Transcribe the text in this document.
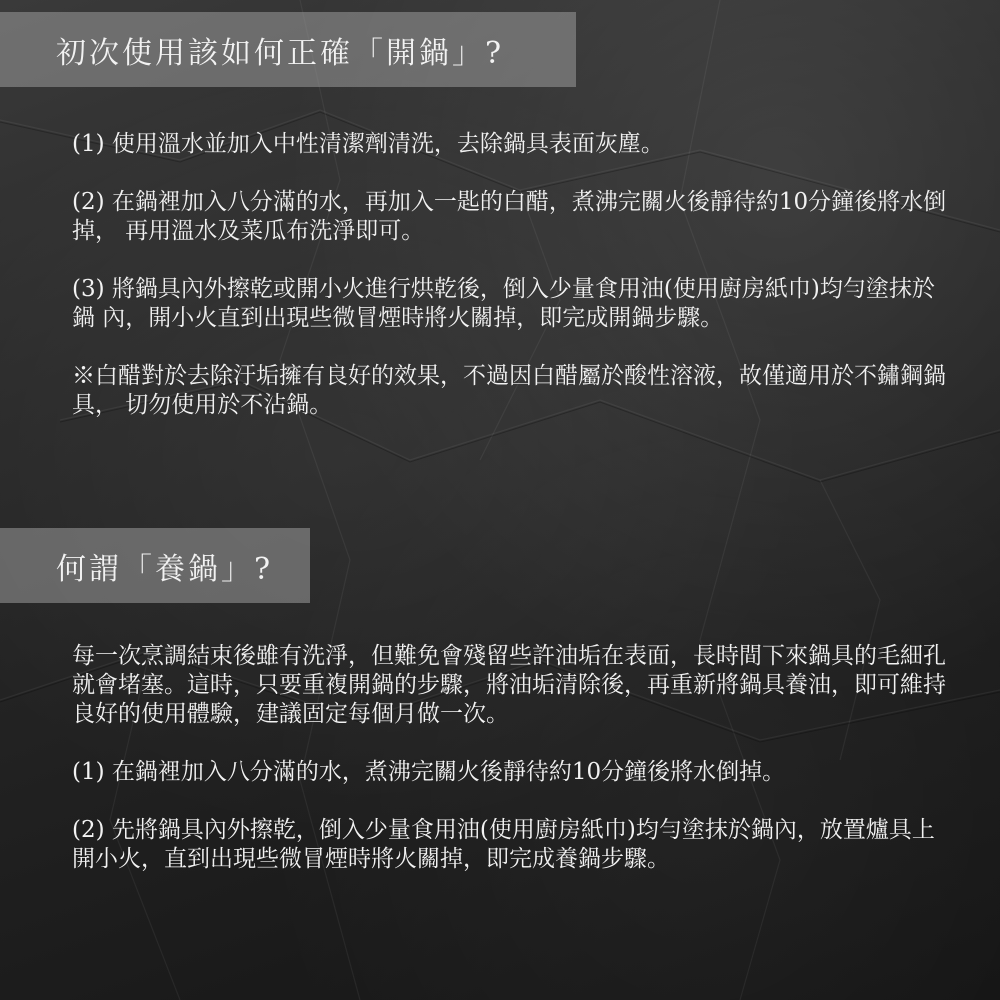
初次使用該如何正確「開鍋」?

(1) 使用溫水並加入中性清潔劑清洗，去除鍋具表面灰塵。

(2) 在鍋裡加入八分滿的水，再加入一匙的白醋，煮沸完關火後靜待約10分鐘後將水倒掉， 再用溫水及菜瓜布洗淨即可。

(3) 將鍋具內外擦乾或開小火進行烘乾後，倒入少量食用油(使用廚房紙巾)均勻塗抹於鍋 內，開小火直到出現些微冒煙時將火關掉，即完成開鍋步驟。

※白醋對於去除汙垢擁有良好的效果，不過因白醋屬於酸性溶液，故僅適用於不鏽鋼鍋具， 切勿使用於不沾鍋。

何謂「養鍋」?

每一次烹調結束後雖有洗淨，但難免會殘留些許油垢在表面，長時間下來鍋具的毛細孔就會堵塞。這時，只要重複開鍋的步驟，將油垢清除後，再重新將鍋具養油，即可維持良好的使用體驗，建議固定每個月做一次。

(1) 在鍋裡加入八分滿的水，煮沸完關火後靜待約10分鐘後將水倒掉。

(2) 先將鍋具內外擦乾，倒入少量食用油(使用廚房紙巾)均勻塗抹於鍋內，放置爐具上開小火，直到出現些微冒煙時將火關掉，即完成養鍋步驟。
